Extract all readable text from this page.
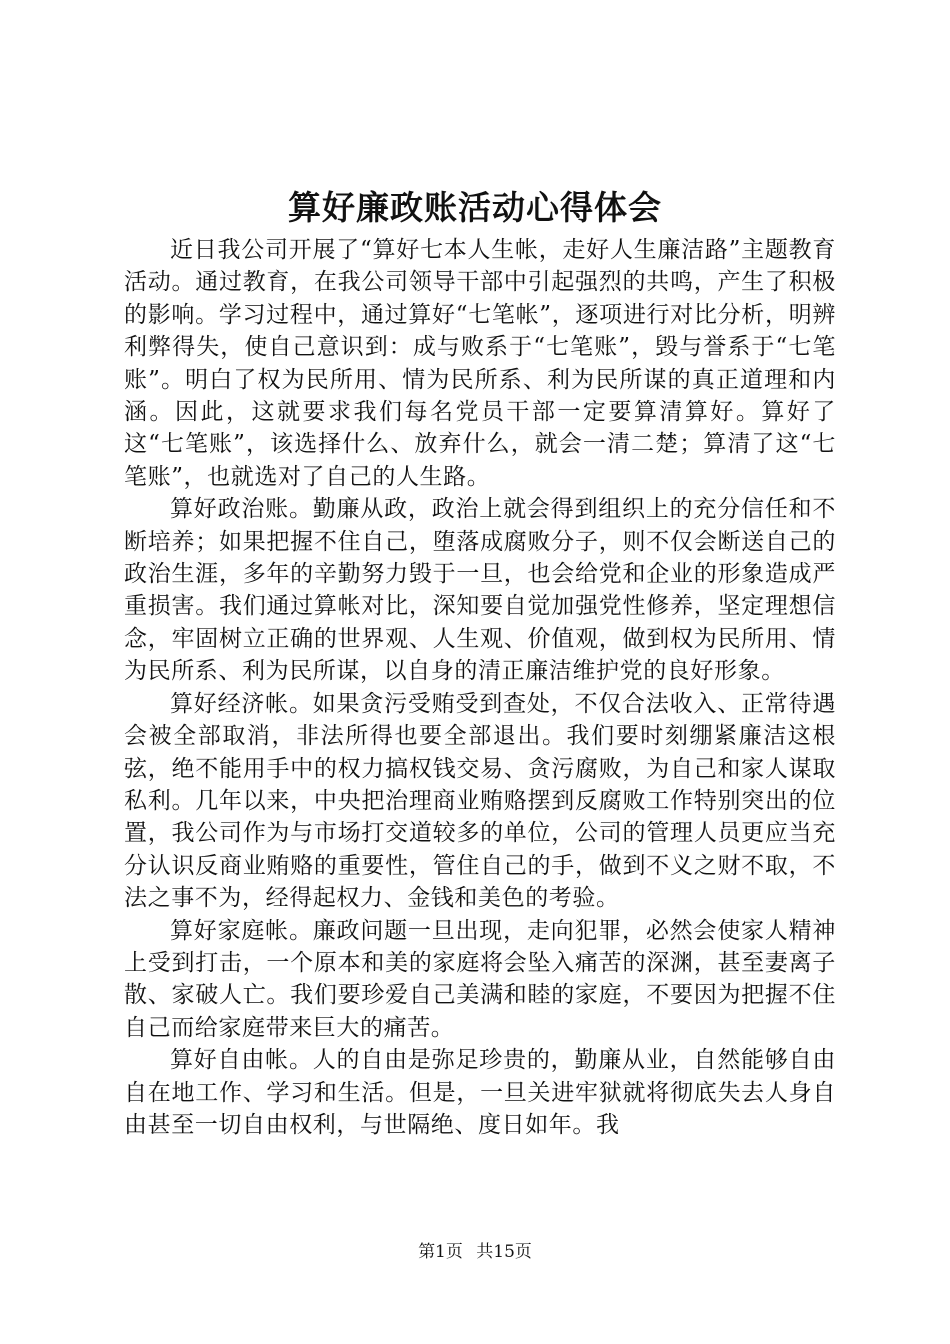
算好廉政账活动心得体会

近日我公司开展了“算好七本人生帐，走好人生廉洁路”主题教育活动。通过教育，在我公司领导干部中引起强烈的共鸣，产生了积极的影响。学习过程中，通过算好“七笔帐”，逐项进行对比分析，明辨利弊得失，使自己意识到：成与败系于“七笔账”，毁与誉系于“七笔账”。明白了权为民所用、情为民所系、利为民所谋的真正道理和内涵。因此，这就要求我们每名党员干部一定要算清算好。算好了这“七笔账”，该选择什么、放弃什么，就会一清二楚；算清了这“七笔账”，也就选对了自己的人生路。

算好政治账。勤廉从政，政治上就会得到组织上的充分信任和不断培养；如果把握不住自己，堕落成腐败分子，则不仅会断送自己的政治生涯，多年的辛勤努力毁于一旦，也会给党和企业的形象造成严重损害。我们通过算帐对比，深知要自觉加强党性修养，坚定理想信念，牢固树立正确的世界观、人生观、价值观，做到权为民所用、情为民所系、利为民所谋，以自身的清正廉洁维护党的良好形象。

算好经济帐。如果贪污受贿受到查处，不仅合法收入、正常待遇会被全部取消，非法所得也要全部退出。我们要时刻绷紧廉洁这根弦，绝不能用手中的权力搞权钱交易、贪污腐败，为自己和家人谋取私利。几年以来，中央把治理商业贿赂摆到反腐败工作特别突出的位置，我公司作为与市场打交道较多的单位，公司的管理人员更应当充分认识反商业贿赂的重要性，管住自己的手，做到不义之财不取，不法之事不为，经得起权力、金钱和美色的考验。

算好家庭帐。廉政问题一旦出现，走向犯罪，必然会使家人精神上受到打击，一个原本和美的家庭将会坠入痛苦的深渊，甚至妻离子散、家破人亡。我们要珍爱自己美满和睦的家庭，不要因为把握不住自己而给家庭带来巨大的痛苦。

算好自由帐。人的自由是弥足珍贵的，勤廉从业，自然能够自由自在地工作、学习和生活。但是，一旦关进牢狱就将彻底失去人身自由甚至一切自由权利，与世隔绝、度日如年。我

第1页 共15页
